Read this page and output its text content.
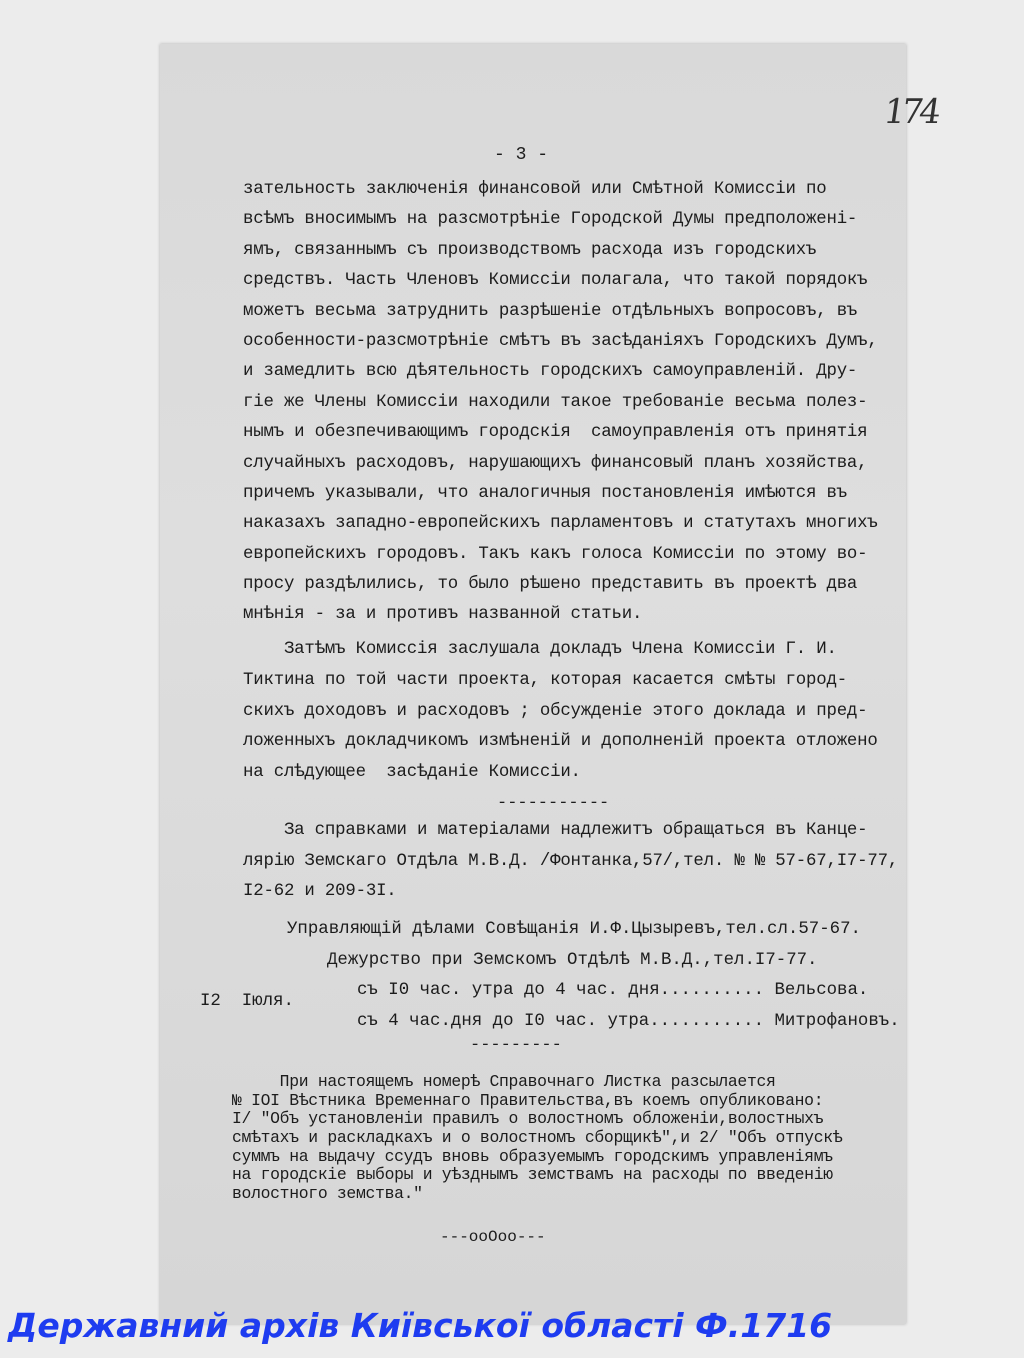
174
- 3 -
зательность заключенія финансовой или Смѣтной Комиссіи по
всѣмъ вносимымъ на разсмотрѣніе Городской Думы предположені-
ямъ, связаннымъ съ производствомъ расхода изъ городскихъ
средствъ. Часть Членовъ Комиссіи полагала, что такой порядокъ
можетъ весьма затруднить разрѣшеніе отдѣльныхъ вопросовъ, въ
особенности-разсмотрѣніе смѣтъ въ засѣданіяхъ Городскихъ Думъ,
и замедлить всю дѣятельность городскихъ самоуправленій. Дру-
гіе же Члены Комиссіи находили такое требованіе весьма полез-
нымъ и обезпечивающимъ городскія  самоуправленія отъ принятія
случайныхъ расходовъ, нарушающихъ финансовый планъ хозяйства,
причемъ указывали, что аналогичныя постановленія имѣются въ
наказахъ западно-европейскихъ парламентовъ и статутахъ многихъ
европейскихъ городовъ. Такъ какъ голоса Комиссіи по этому во-
просу раздѣлились, то было рѣшено представить въ проектѣ два
мнѣнія - за и противъ названной статьи.
Затѣмъ Комиссія заслушала докладъ Члена Комиссіи Г. И.
Тиктина по той части проекта, которая касается смѣты город-
скихъ доходовъ и расходовъ ; обсужденіе этого доклада и пред-
ложенныхъ докладчикомъ измѣненій и дополненій проекта отложено
на слѣдующее  засѣданіе Комиссіи.
-----------
За справками и матеріалами надлежитъ обращаться въ Канце-
лярію Земскаго Отдѣла М.В.Д. /Фонтанка,57/,тел. № № 57-67,I7-77,
I2-62 и 209-3I.
Управляющій дѣлами Совѣщанія И.Ф.Цызыревъ,тел.сл.57-67.
Дежурство при Земскомъ Отдѣлѣ М.В.Д.,тел.I7-77.
I2  Іюля.
съ I0 час. утра до 4 час. дня.......... Вельсова.
съ 4 час.дня до I0 час. утра........... Митрофановъ.
---------
При настоящемъ номерѣ Справочнаго Листка разсылается
№ IOI Вѣстника Временнаго Правительства,въ коемъ опубликовано:
I/ "Объ установленіи правилъ о волостномъ обложеніи,волостныхъ
смѣтахъ и раскладкахъ и о волостномъ сборщикѣ",и 2/ "Объ отпускѣ
суммъ на выдачу ссудъ вновь образуемымъ городскимъ управленіямъ
на городскіе выборы и уѣзднымъ земствамъ на расходы по введенію
волостного земства."
---ooOoo---
Державний архів Київської області Ф.1716
